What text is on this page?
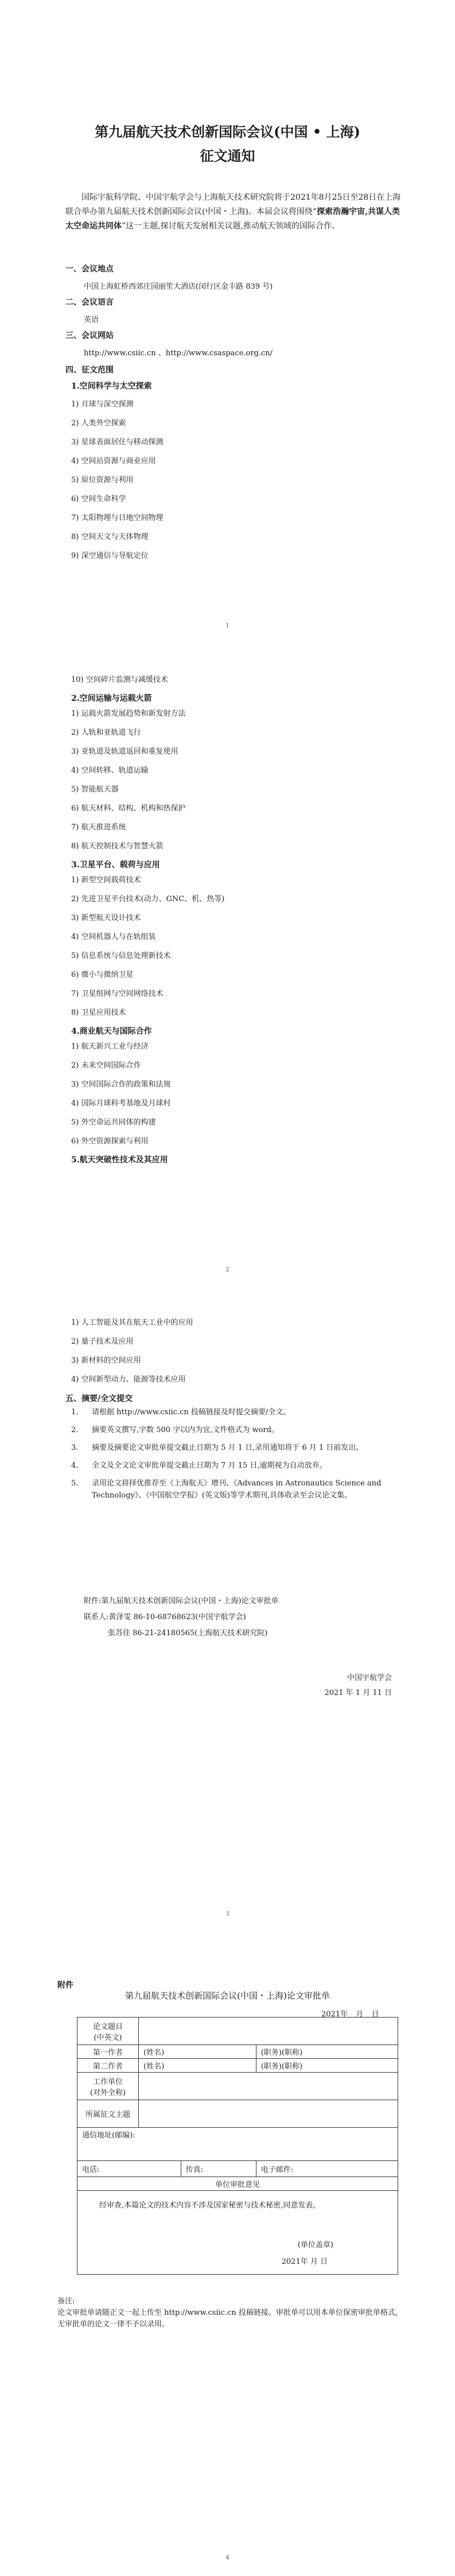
第九届航天技术创新国际会议(中国 • 上海)
征文通知

国际宇航科学院、中国宇航学会与上海航天技术研究院将于2021年8月25日至28日在上海联合举办第九届航天技术创新国际会议(中国・上海)。本届会议将围绕“探索浩瀚宇宙,共谋人类太空命运共同体”这一主题,探讨航天发展相关议题,推动航天领域的国际合作。

一、会议地点
中国上海虹桥西郊庄园丽笙大酒店(闵行区金丰路 839 号)
二、会议语言
英语
三、会议网站
http://www.csiic.cn 、http://www.csaspace.org.cn/
四、征文范围
1.空间科学与太空探索
1) 月球与深空探测
2) 人类外空探索
3) 星球表面居住与移动探测
4) 空间站资源与商业应用
5) 原位资源与利用
6) 空间生命科学
7) 太阳物理与日地空间物理
8) 空间天文与天体物理
9) 深空通信与导航定位
1
10) 空间碎片监测与减缓技术
2.空间运输与运载火箭
1) 运载火箭发展趋势和新发射方法
2) 人轨和亚轨道飞行
3) 亚轨道及轨道返回和重复使用
4) 空间转移、轨道运输
5) 智能航天器
6) 航天材料、结构、机构和热保护
7) 航天推进系统
8) 航天控制技术与智慧火箭
3.卫星平台、载荷与应用
1) 新型空间载荷技术
2) 先进卫星平台技术(动力、GNC、机、热等)
3) 新型航天设计技术
4) 空间机器人与在轨组装
5) 信息系统与信息处理新技术
6) 微小与微纳卫星
7) 卫星组网与空间网络技术
8) 卫星应用技术
4.商业航天与国际合作
1) 航天新兴工业与经济
2) 未来空间国际合作
3) 空间国际合作的政策和法规
4) 国际月球科考基地及月球村
5) 外空命运共同体的构建
6) 外空资源探索与利用
5.航天突破性技术及其应用
2
1) 人工智能及其在航天工业中的应用
2) 量子技术及应用
3) 新材料的空间应用
4) 空间新型动力、能源等技术应用
五、摘要/全文提交
1.	请根据 http://www.csiic.cn 投稿链接及时提交摘要/全文。
2.	摘要英文撰写,字数 500 字以内为宜,文件格式为 word。
3.	摘要及摘要论文审批单提交截止日期为 5 月 1 日,录用通知将于 6 月 1 日前发出。
4.	全文及全文论文审批单提交截止日期为 7 月 15 日,逾期视为自动放弃。
5.	录用论文将择优推荐至《上海航天》增刊、《Advances in Astronautics Science and Technology》、《中国航空学报》(英文版)等学术期刊,具体收录至会议论文集。
附件:第九届航天技术创新国际会议(中国・上海)论文审批单
联系人:黄泽雯 86-10-68768623(中国宇航学会)
张苏佳 86-21-24180565(上海航天技术研究院)
中国宇航学会
2021 年 1 月 11 日
3
附件
第九届航天技术创新国际会议(中国・上海)论文审批单
2021年 月 日
论文题目
(中英文)			

第一作者	(姓名)		(职务)(职称)
第二作者	(姓名)		(职务)(职称)

工作单位
(对外全称)			

所属征文主题			
通信地址(邮编):			
电话:		传真:	电子邮件:
单位审批意见			

经审查,本篇论文的技术内容不涉及国家秘密与技术秘密,同意发表。
(单位盖章)
2021年 月 日			
备注:
论文审批单请随正文一起上传至 http://www.csiic.cn 投稿链接。审批单可以用本单位保密审批单格式,无审批单的论文一律不予以录用。
4
